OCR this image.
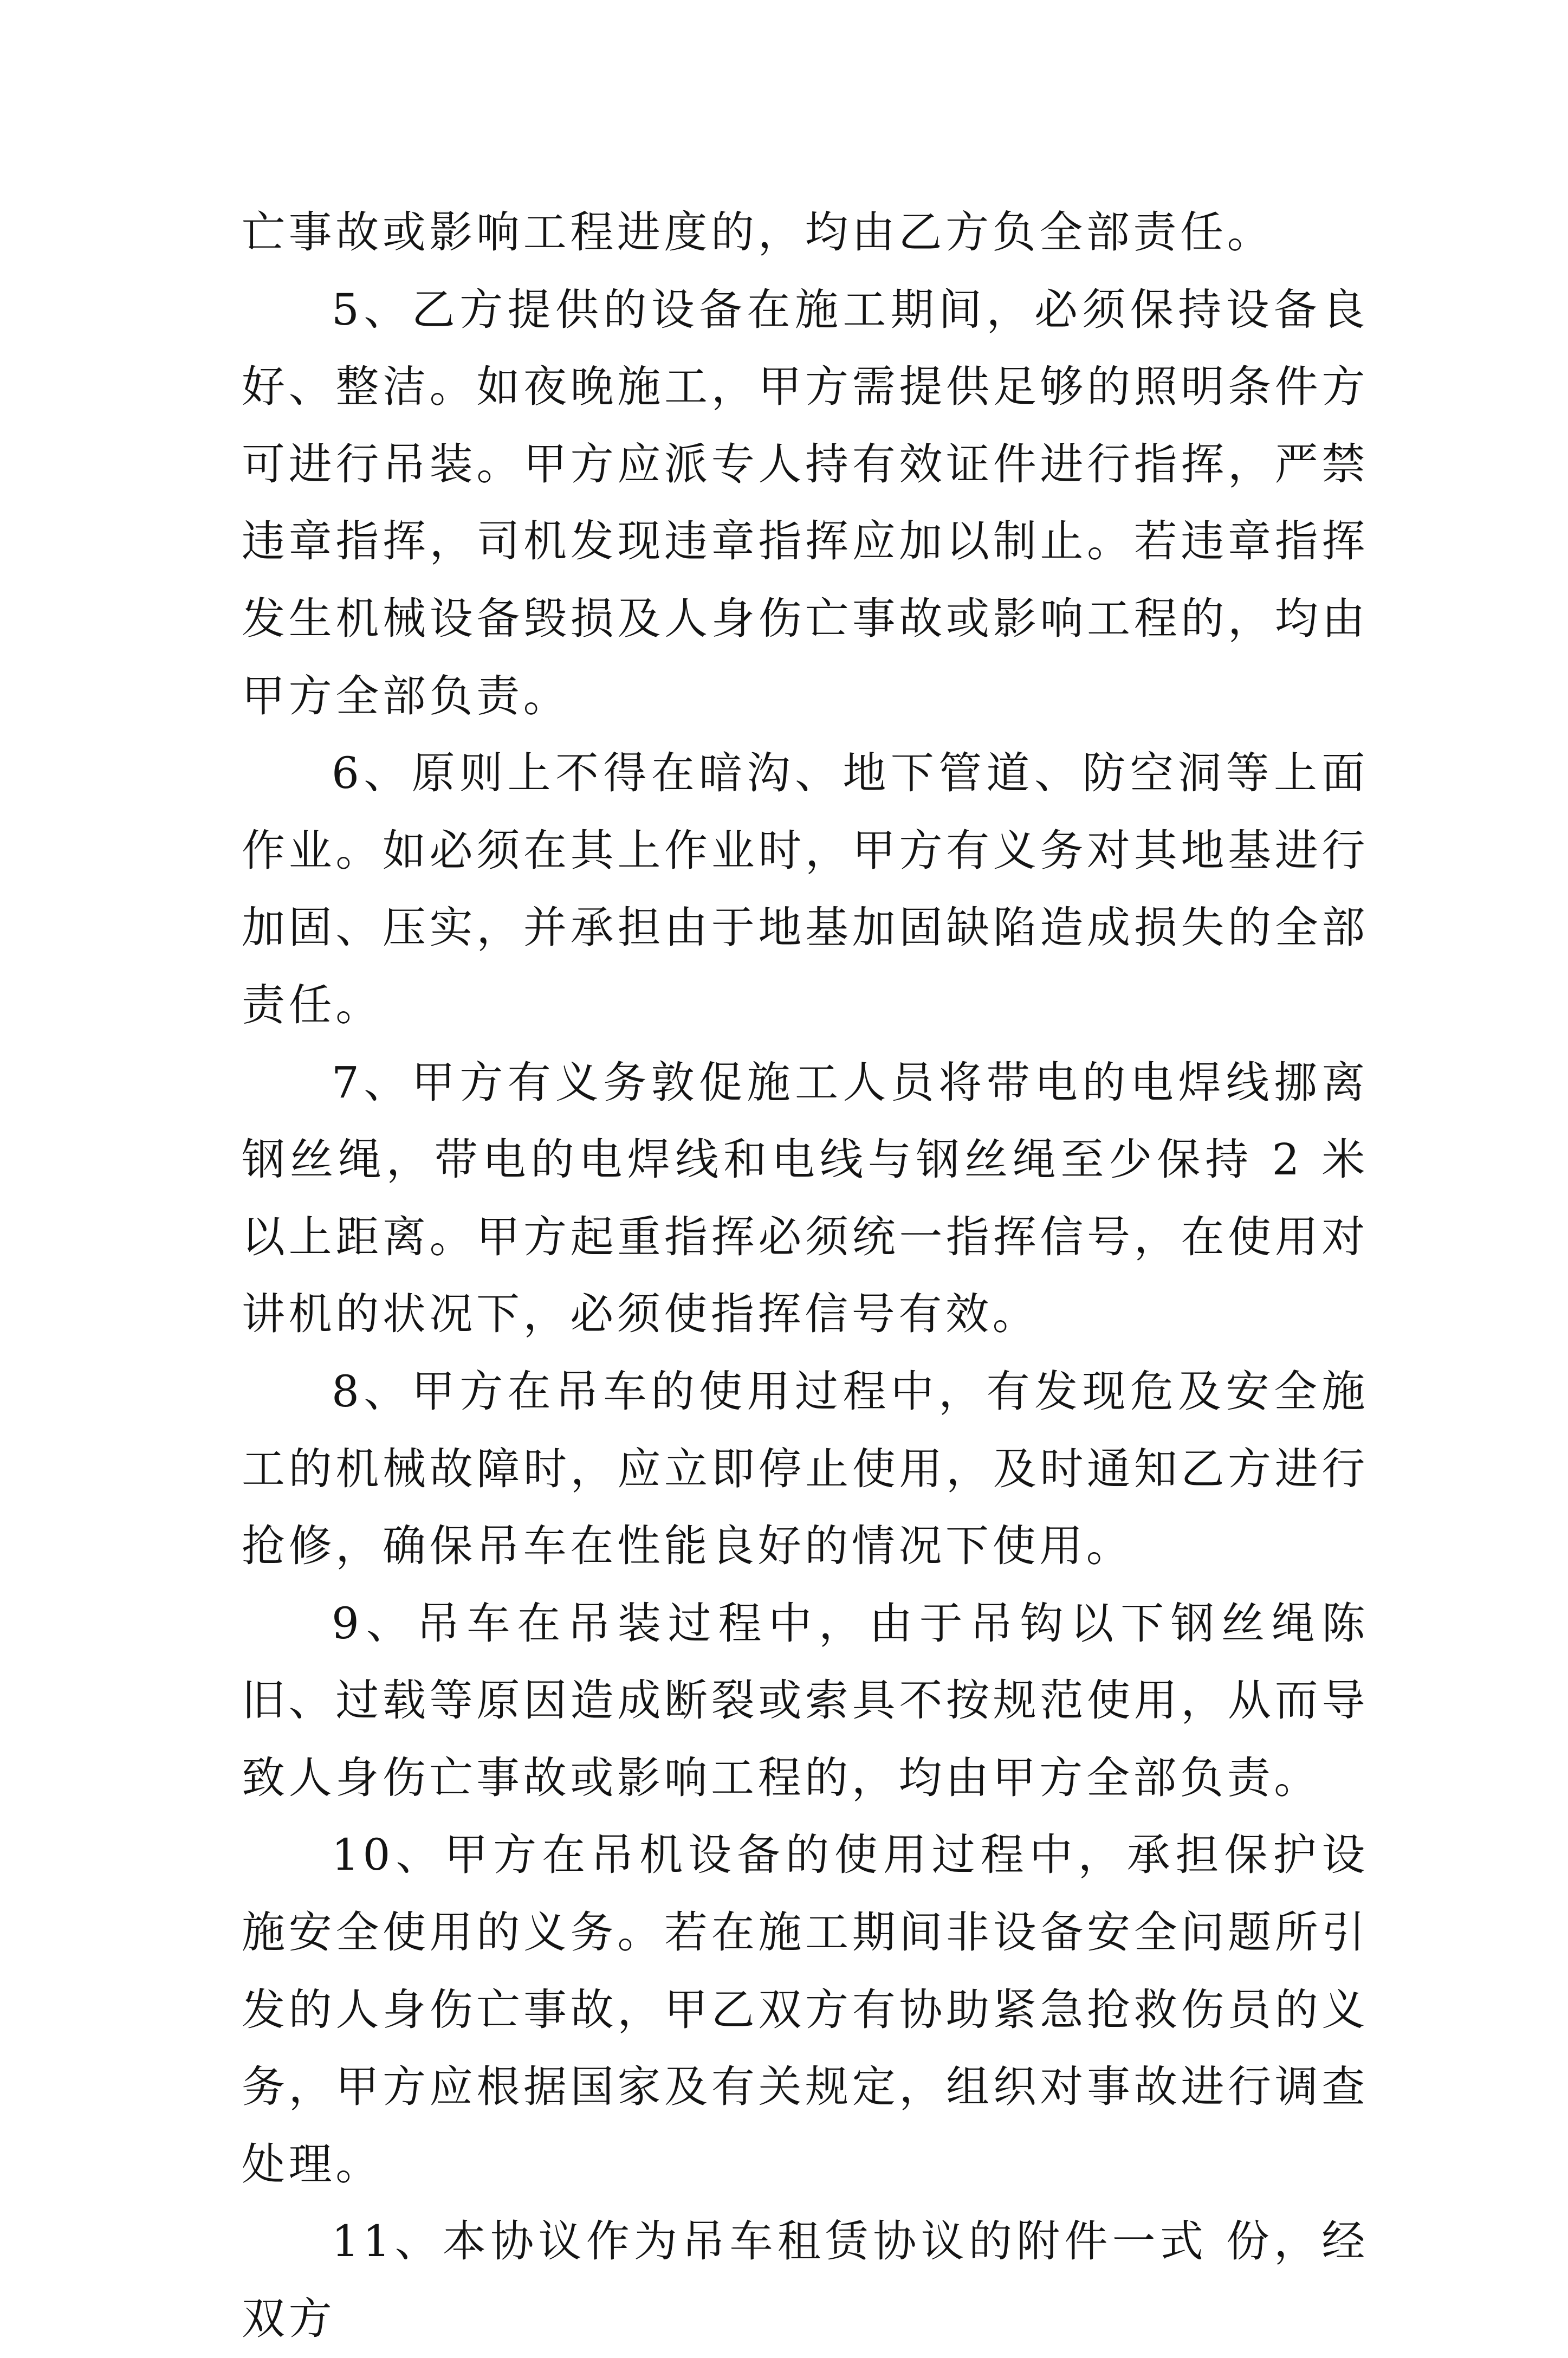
亡事故或影响工程进度的，均由乙方负全部责任。

5、乙方提供的设备在施工期间，必须保持设备良好、整洁。如夜晚施工，甲方需提供足够的照明条件方可进行吊装。甲方应派专人持有效证件进行指挥，严禁违章指挥，司机发现违章指挥应加以制止。若违章指挥发生机械设备毁损及人身伤亡事故或影响工程的，均由甲方全部负责。

6、原则上不得在暗沟、地下管道、防空洞等上面作业。如必须在其上作业时，甲方有义务对其地基进行加固、压实，并承担由于地基加固缺陷造成损失的全部责任。

7、甲方有义务敦促施工人员将带电的电焊线挪离钢丝绳，带电的电焊线和电线与钢丝绳至少保持 2 米以上距离。甲方起重指挥必须统一指挥信号，在使用对讲机的状况下，必须使指挥信号有效。

8、甲方在吊车的使用过程中，有发现危及安全施工的机械故障时，应立即停止使用，及时通知乙方进行抢修，确保吊车在性能良好的情况下使用。

9、吊车在吊装过程中，由于吊钩以下钢丝绳陈旧、过载等原因造成断裂或索具不按规范使用，从而导致人身伤亡事故或影响工程的，均由甲方全部负责。

10、甲方在吊机设备的使用过程中，承担保护设施安全使用的义务。若在施工期间非设备安全问题所引发的人身伤亡事故，甲乙双方有协助紧急抢救伤员的义务，甲方应根据国家及有关规定，组织对事故进行调查处理。

11、本协议作为吊车租赁协议的附件一式 份，经双方
